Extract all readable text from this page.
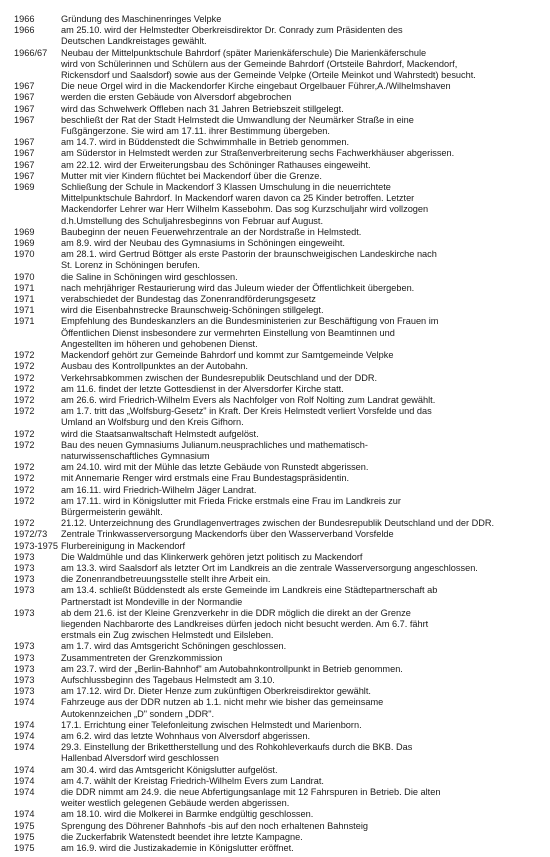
1966	Gründung des Maschinenringes Velpke
1966	am 25.10. wird der Helmstedter Oberkreisdirektor Dr. Conrady zum Präsidenten des
Deutschen Landkreistages gewählt.
1966/67	Neubau der Mittelpunktschule Bahrdorf (später Marienkäferschule) Die Marienkäferschule
wird von Schülerinnen und Schülern aus der Gemeinde Bahrdorf (Ortsteile Bahrdorf, Mackendorf,
Rickensdorf und Saalsdorf) sowie aus der Gemeinde Velpke (Orteile Meinkot und Wahrstedt) besucht.
1967	Die neue Orgel wird in die Mackendorfer Kirche eingebaut Orgelbauer Führer,A./Wilhelmshaven
1967	werden die ersten Gebäude von Alversdorf abgebrochen
1967	wird das Schwelwerk Offleben nach 31 Jahren Betriebszeit stillgelegt.
1967	beschließt der Rat der Stadt Helmstedt die Umwandlung der Neumärker Straße in eine
Fußgängerzone. Sie wird am 17.11. ihrer Bestimmung übergeben.
1967	am 14.7. wird in Büddenstedt die Schwimmhalle in Betrieb genommen.
1967	am Süderstor in Helmstedt werden zur Straßenverbreiterung sechs Fachwerkhäuser abgerissen.
1967	am 22.12. wird der Erweiterungsbau des Schöninger Rathauses eingeweiht.
1967	Mutter mit vier Kindern flüchtet bei Mackendorf über die Grenze.
1969	Schließung der Schule in Mackendorf 3 Klassen Umschulung in die neuerrichtete
Mittelpunktschule Bahrdorf. In Mackendorf waren davon ca 25 Kinder betroffen. Letzter
Mackendorfer Lehrer war Herr Wilhelm Kassebohm. Das sog Kurzschuljahr wird vollzogen
d.h.Umstellung des Schuljahresbeginns von Februar auf August.
1969	Baubeginn der neuen Feuerwehrzentrale an der Nordstraße in Helmstedt.
1969	am 8.9. wird der Neubau des Gymnasiums in Schöningen eingeweiht.
1970	am 28.1. wird Gertrud Böttger als erste Pastorin der braunschweigischen Landeskirche nach
St. Lorenz in Schöningen berufen.
1970	die Saline in Schöningen wird geschlossen.
1971	nach mehrjähriger Restaurierung wird das Juleum wieder der Öffentlichkeit übergeben.
1971	verabschiedet der Bundestag das Zonenrandförderungsgesetz
1971	wird die Eisenbahnstrecke Braunschweig-Schöningen stillgelegt.
1971	Empfehlung des Bundeskanzlers an die Bundesministerien zur Beschäftigung von Frauen im
Öffentlichen Dienst insbesondere zur vermehrten Einstellung von Beamtinnen und
Angestellten im höheren und gehobenen Dienst.
1972	Mackendorf gehört zur Gemeinde Bahrdorf und kommt zur Samtgemeinde Velpke
1972	Ausbau des Kontrollpunktes an der Autobahn.
1972	Verkehrsabkommen zwischen der Bundesrepublik Deutschland und der DDR.
1972	am 11.6. findet der letzte Gottesdienst in der Alversdorfer Kirche statt.
1972	am 26.6. wird Friedrich-Wilhelm Evers als Nachfolger von Rolf Nolting zum Landrat gewählt.
1972	am 1.7. tritt das „Wolfsburg-Gesetz" in Kraft. Der Kreis Helmstedt verliert Vorsfelde und das
Umland an Wolfsburg und den Kreis Gifhorn.
1972	wird die Staatsanwaltschaft Helmstedt aufgelöst.
1972	Bau des neuen Gymnasiums Julianum.neusprachliches und mathematisch-
naturwissenschaftliches Gymnasium
1972	am 24.10. wird mit der Mühle das letzte Gebäude von Runstedt abgerissen.
1972	mit Annemarie Renger wird erstmals eine Frau Bundestagspräsidentin.
1972	am 16.11. wird Friedrich-Wilhelm Jäger Landrat.
1972	am 17.11. wird in Königslutter mit Frieda Fricke erstmals eine Frau im Landkreis zur
Bürgermeisterin gewählt.
1972	21.12. Unterzeichnung des Grundlagenvertrages zwischen der Bundesrepublik Deutschland und der DDR.
1972/73	Zentrale Trinkwasserversorgung Mackendorfs über den Wasserverband Vorsfelde
1973-1975 Flurbereinigung in Mackendorf
1973	Die Waldmühle und das Klinkerwerk gehören jetzt politisch zu Mackendorf
1973	am 13.3. wird Saalsdorf als letzter Ort im Landkreis an die zentrale Wasserversorgung angeschlossen.
1973	die Zonenrandbetreuungsstelle stellt ihre Arbeit ein.
1973	am 13.4. schließt Büddenstedt als erste Gemeinde im Landkreis eine Städtepartnerschaft ab
Partnerstadt ist Mondeville in der Normandie
1973	ab dem 21.6. ist der Kleine Grenzverkehr in die DDR möglich die direkt an der Grenze
liegenden Nachbarorte des Landkreises dürfen jedoch nicht besucht werden. Am 6.7. fährt
erstmals ein Zug zwischen Helmstedt und Eilsleben.
1973	am 1.7. wird das Amtsgericht Schöningen geschlossen.
1973	Zusammentreten der Grenzkommission
1973	am 23.7. wird der „Berlin-Bahnhof" am Autobahnkontrollpunkt in Betrieb genommen.
1973	Aufschlussbeginn des Tagebaus Helmstedt am 3.10.
1973	am 17.12. wird Dr. Dieter Henze zum zukünftigen Oberkreisdirektor gewählt.
1974	Fahrzeuge aus der DDR nutzen ab 1.1. nicht mehr wie bisher das gemeinsame
Autokennzeichen „D" sondern „DDR".
1974	17.1. Errichtung einer Telefonleitung zwischen Helmstedt und Marienborn.
1974	am 6.2. wird das letzte Wohnhaus von Alversdorf abgerissen.
1974	29.3. Einstellung der Brikettherstellung und des Rohkohleverkaufs durch die BKB. Das
Hallenbad Alversdorf wird geschlossen
1974	am 30.4. wird das Amtsgericht Königslutter aufgelöst.
1974	am 4.7. wählt der Kreistag Friedrich-Wilhelm Evers zum Landrat.
1974	die DDR nimmt am 24.9. die neue Abfertigungsanlage mit 12 Fahrspuren in Betrieb. Die alten
weiter westlich gelegenen Gebäude werden abgerissen.
1974	am 18.10. wird die Molkerei in Barmke endgültig geschlossen.
1975	Sprengung des Döhrener Bahnhofs -bis auf den noch erhaltenen Bahnsteig
1975	die Zuckerfabrik Watenstedt beendet ihre letzte Kampagne.
1975	am 16.9. wird die Justizakademie in Königslutter eröffnet.
